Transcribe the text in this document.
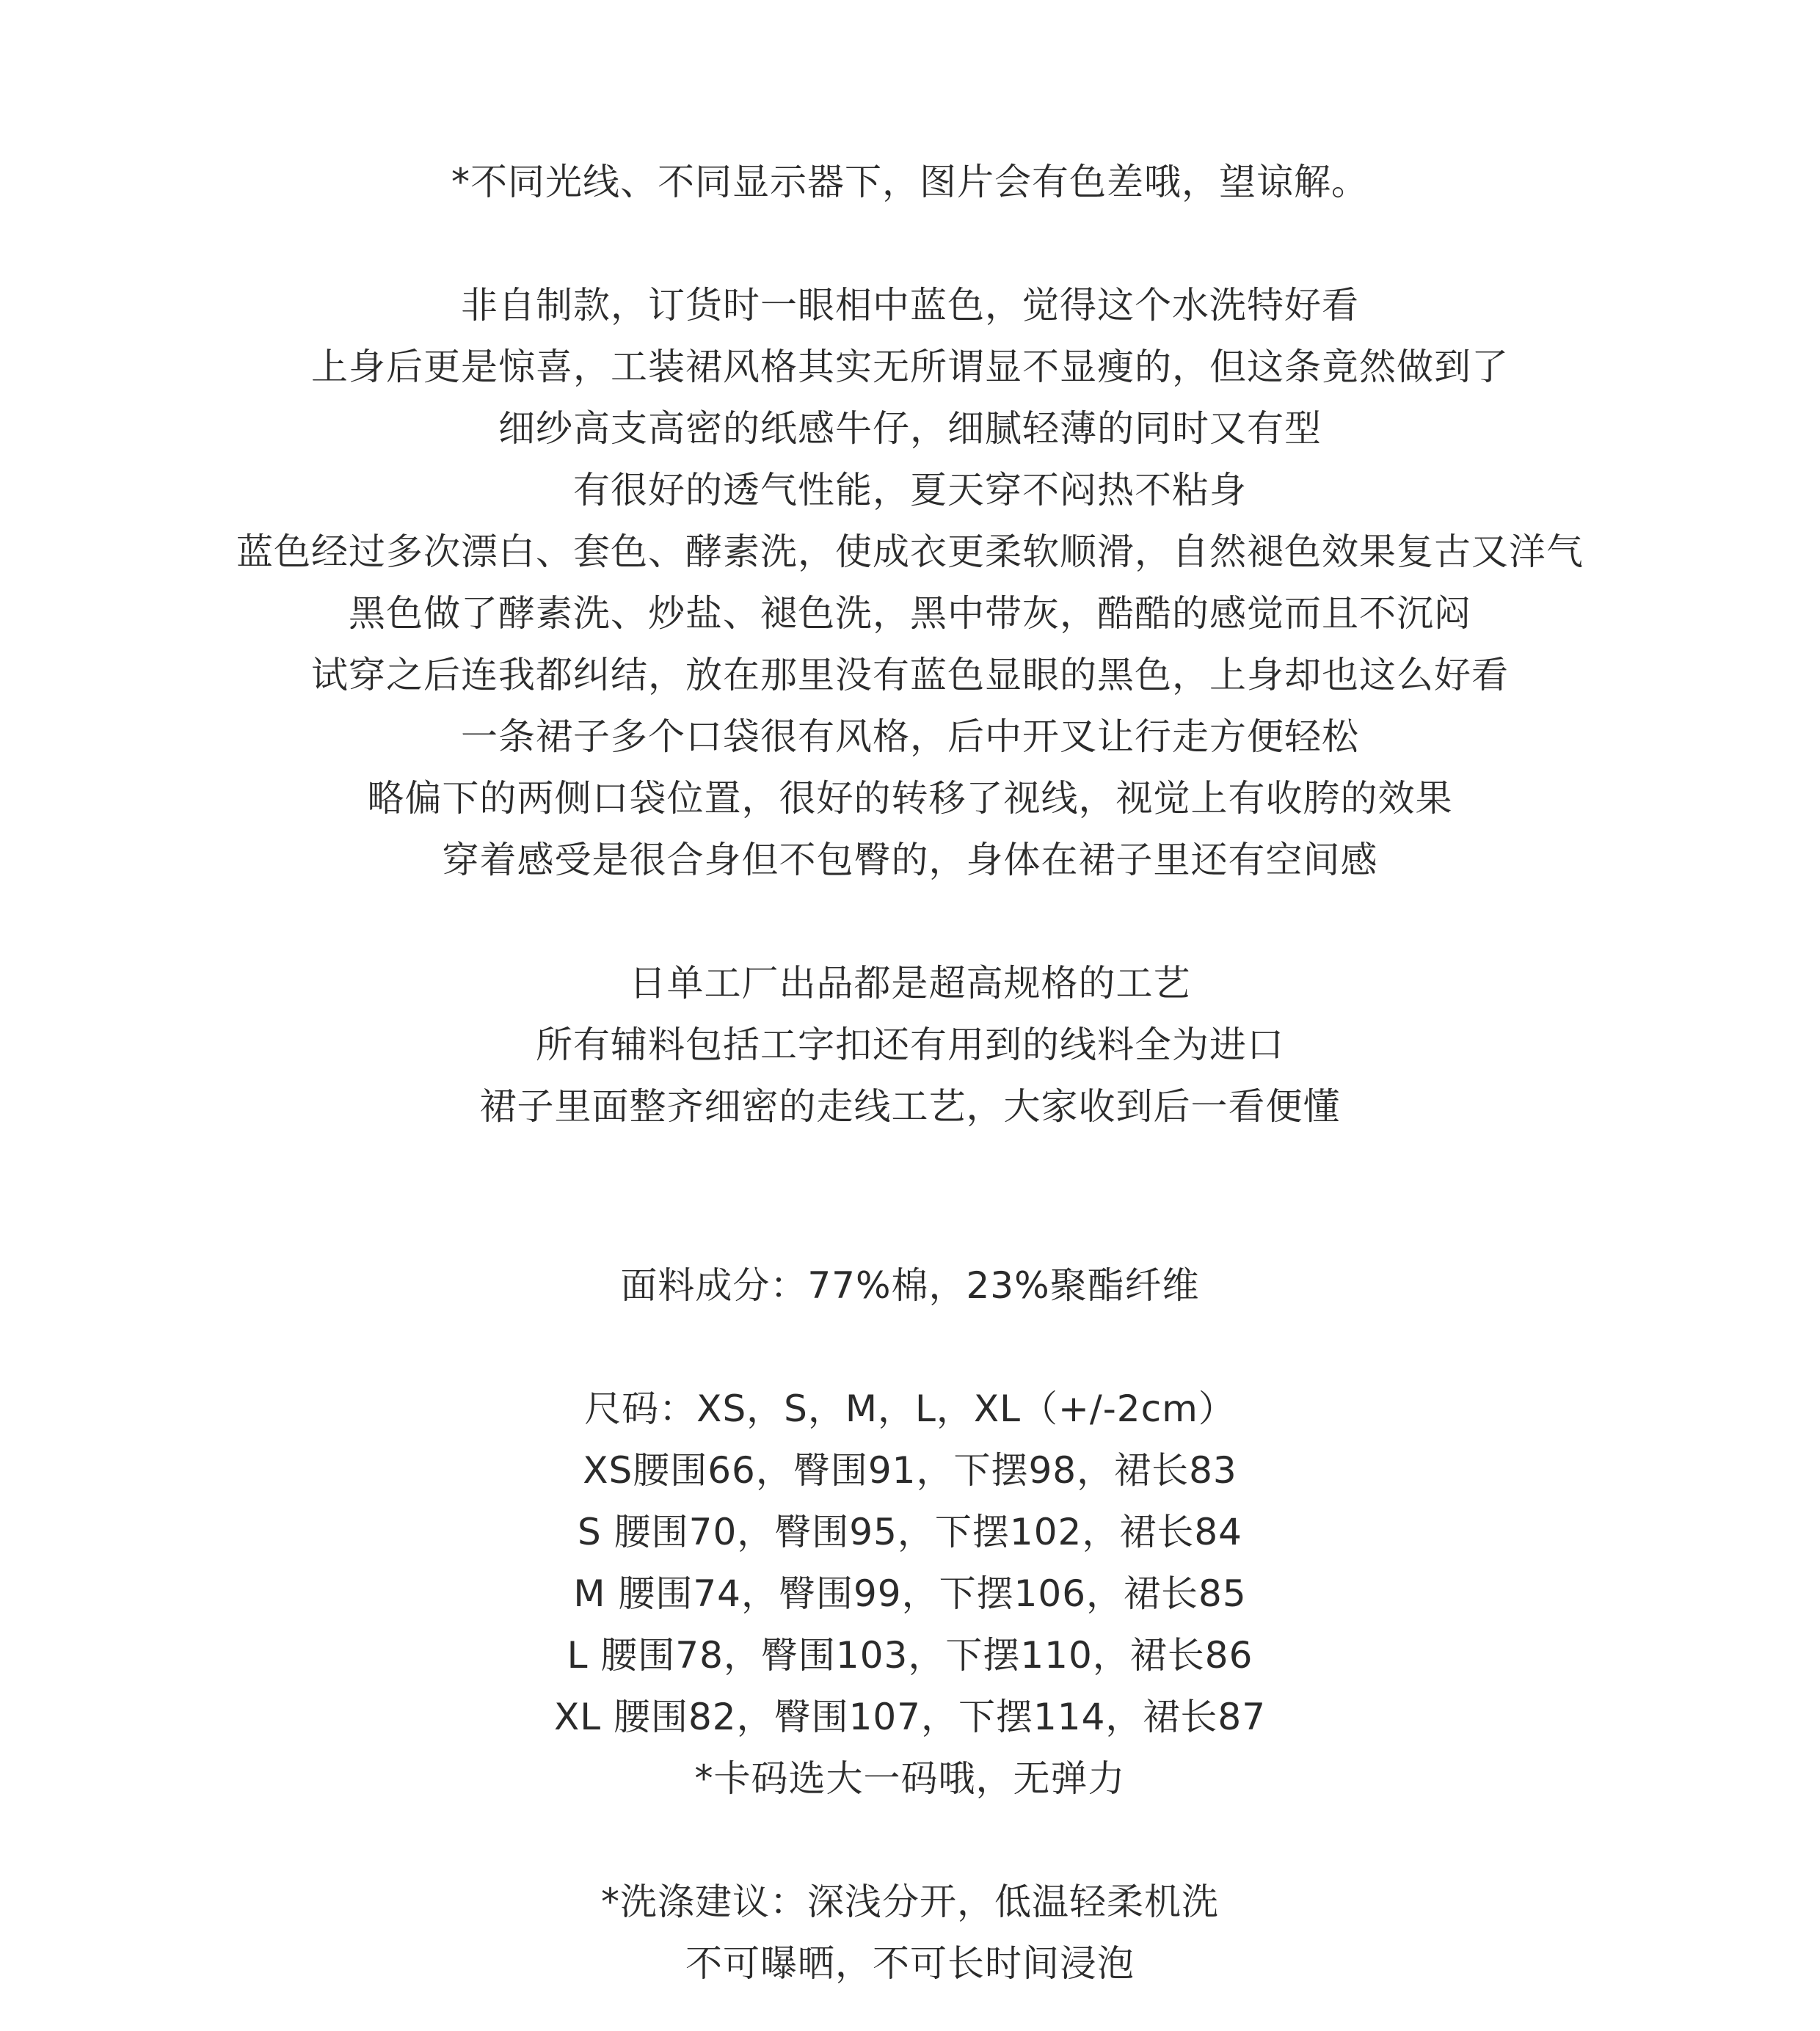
*不同光线、不同显示器下，图片会有色差哦，望谅解。
非自制款，订货时一眼相中蓝色，觉得这个水洗特好看
上身后更是惊喜，工装裙风格其实无所谓显不显瘦的，但这条竟然做到了
细纱高支高密的纸感牛仔，细腻轻薄的同时又有型
有很好的透气性能，夏天穿不闷热不粘身
蓝色经过多次漂白、套色、酵素洗，使成衣更柔软顺滑，自然褪色效果复古又洋气
黑色做了酵素洗、炒盐、褪色洗，黑中带灰，酷酷的感觉而且不沉闷
试穿之后连我都纠结，放在那里没有蓝色显眼的黑色，上身却也这么好看
一条裙子多个口袋很有风格，后中开叉让行走方便轻松
略偏下的两侧口袋位置，很好的转移了视线，视觉上有收胯的效果
穿着感受是很合身但不包臀的，身体在裙子里还有空间感
日单工厂出品都是超高规格的工艺
所有辅料包括工字扣还有用到的线料全为进口
裙子里面整齐细密的走线工艺，大家收到后一看便懂
面料成分：77%棉，23%聚酯纤维
尺码：XS，S，M，L，XL（+/-2cm）
XS腰围66，臀围91，下摆98，裙长83
S 腰围70，臀围95，下摆102，裙长84
M 腰围74，臀围99，下摆106，裙长85
L 腰围78，臀围103，下摆110，裙长86
XL 腰围82，臀围107，下摆114，裙长87
*卡码选大一码哦，无弹力
*洗涤建议：深浅分开，低温轻柔机洗
不可曝晒，不可长时间浸泡
